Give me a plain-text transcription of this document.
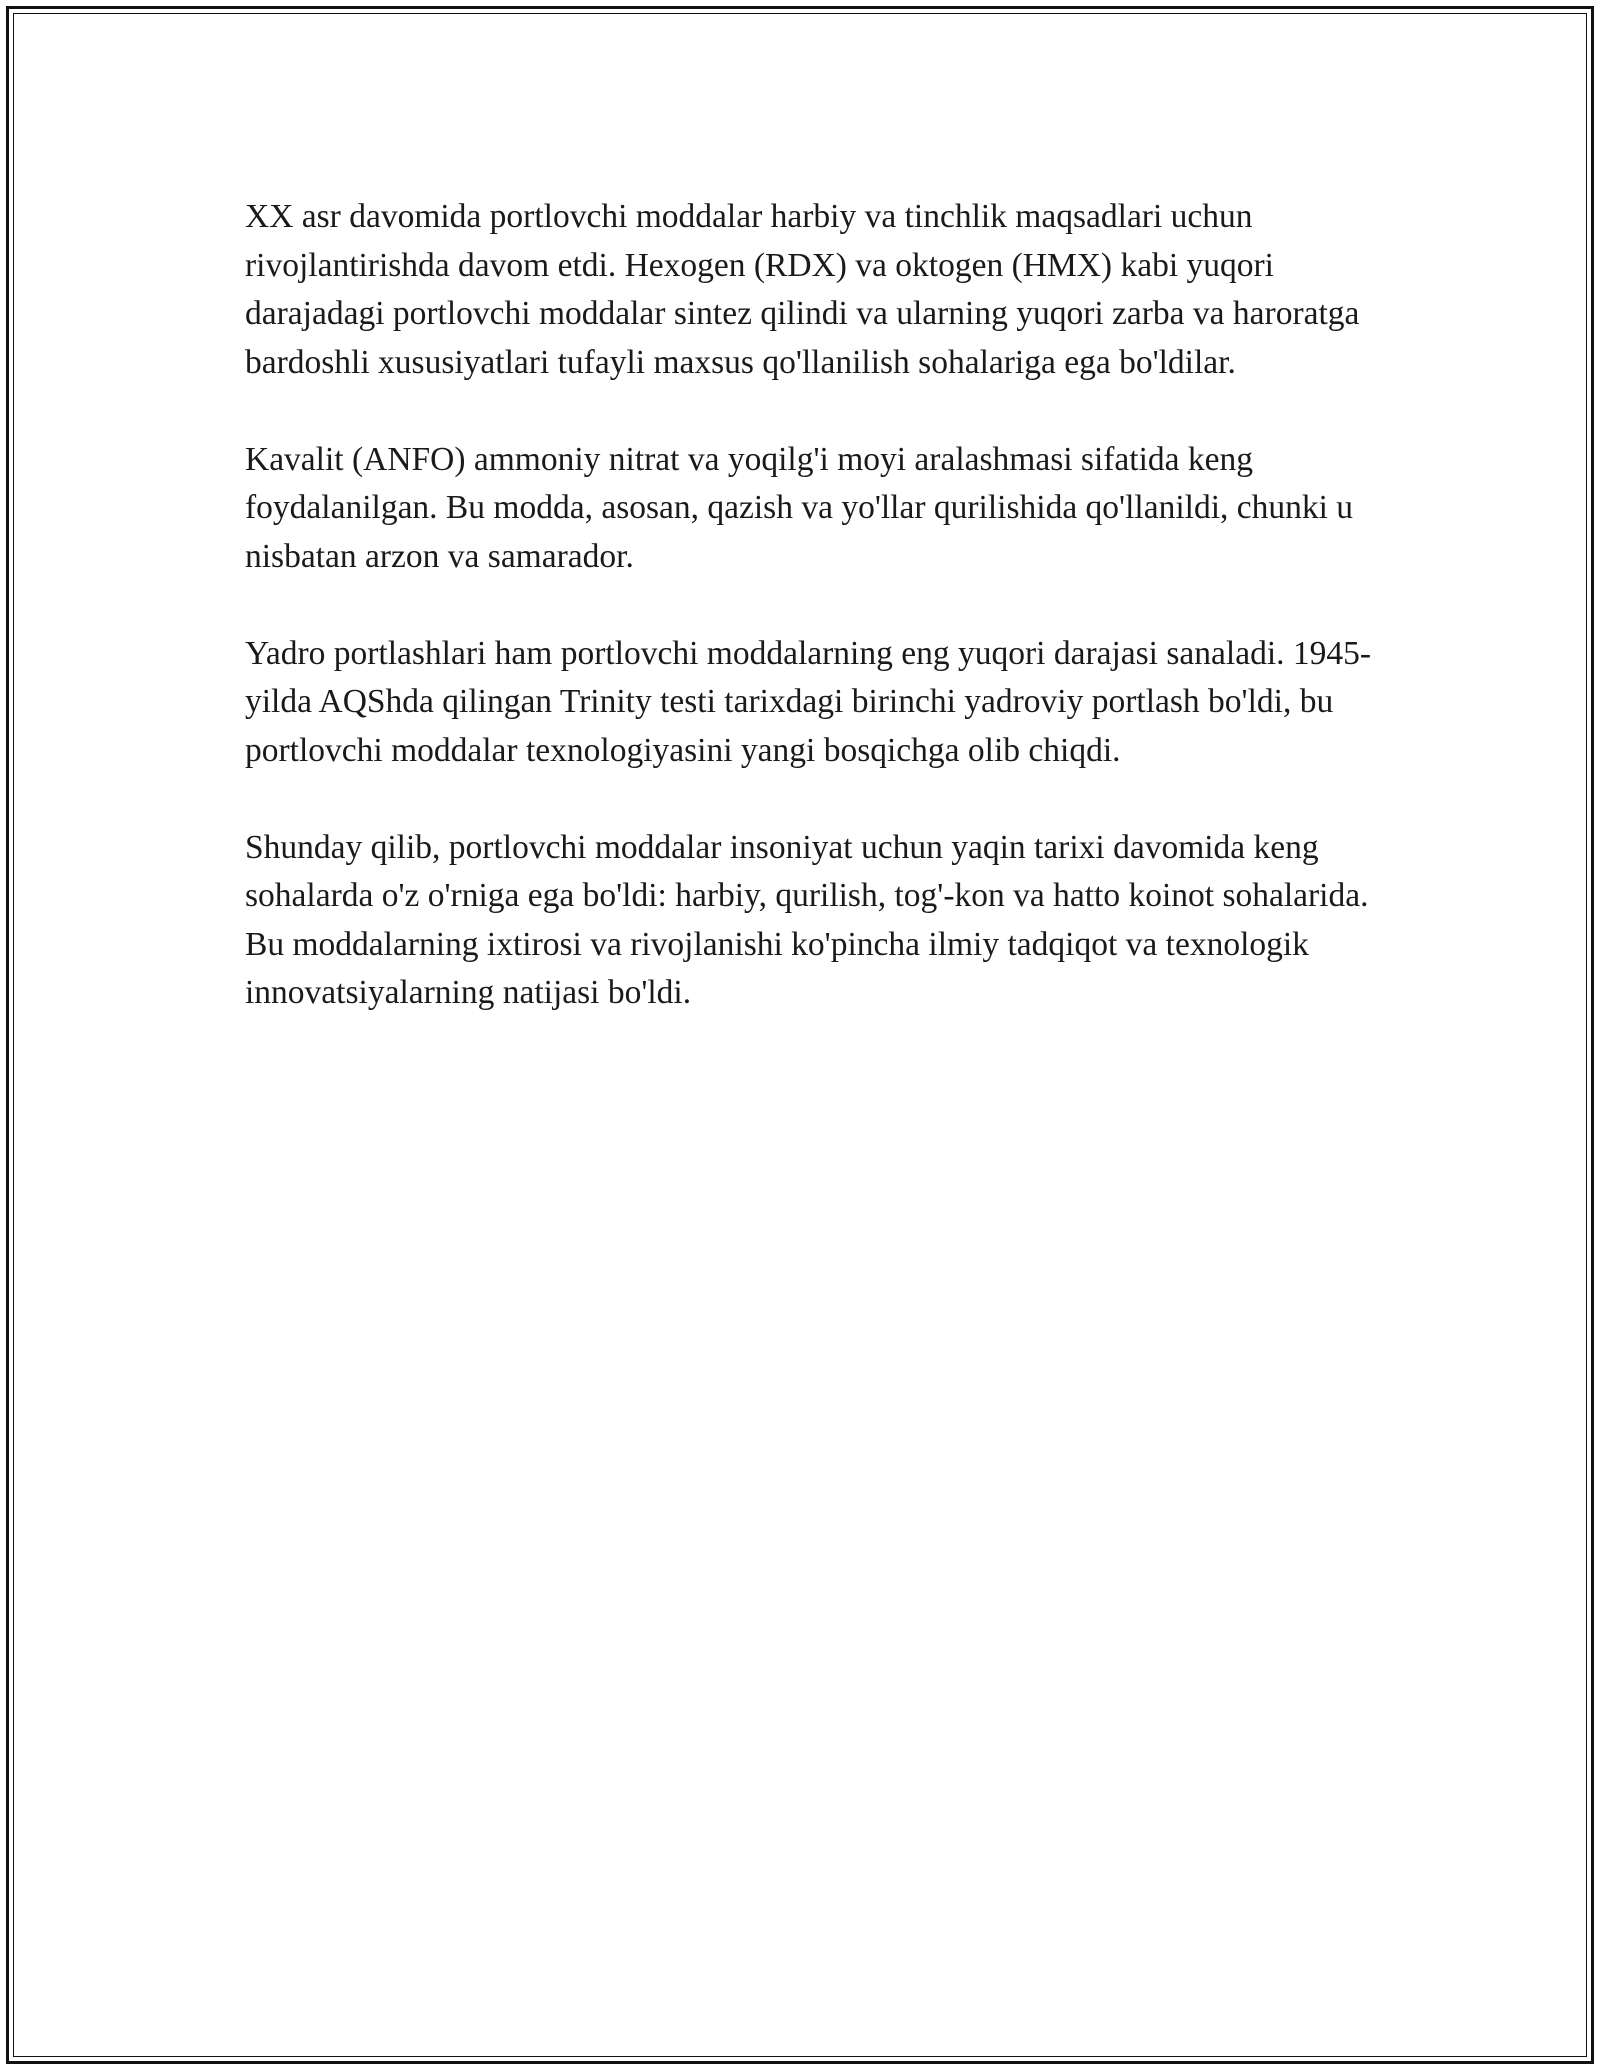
XX asr davomida portlovchi moddalar harbiy va tinchlik maqsadlari uchun rivojlantirishda davom etdi. Hexogen (RDX) va oktogen (HMX) kabi yuqori darajadagi portlovchi moddalar sintez qilindi va ularning yuqori zarba va haroratga bardoshli xususiyatlari tufayli maxsus qo'llanilish sohalariga ega bo'ldilar.

Kavalit (ANFO) ammoniy nitrat va yoqilg'i moyi aralashmasi sifatida keng foydalanilgan. Bu modda, asosan, qazish va yo'llar qurilishida qo'llanildi, chunki u nisbatan arzon va samarador.

Yadro portlashlari ham portlovchi moddalarning eng yuqori darajasi sanaladi. 1945-yilda AQShda qilingan Trinity testi tarixdagi birinchi yadroviy portlash bo'ldi, bu portlovchi moddalar texnologiyasini yangi bosqichga olib chiqdi.

Shunday qilib, portlovchi moddalar insoniyat uchun yaqin tarixi davomida keng sohalarda o'z o'rniga ega bo'ldi: harbiy, qurilish, tog'-kon va hatto koinot sohalarida. Bu moddalarning ixtirosi va rivojlanishi ko'pincha ilmiy tadqiqot va texnologik innovatsiyalarning natijasi bo'ldi.
